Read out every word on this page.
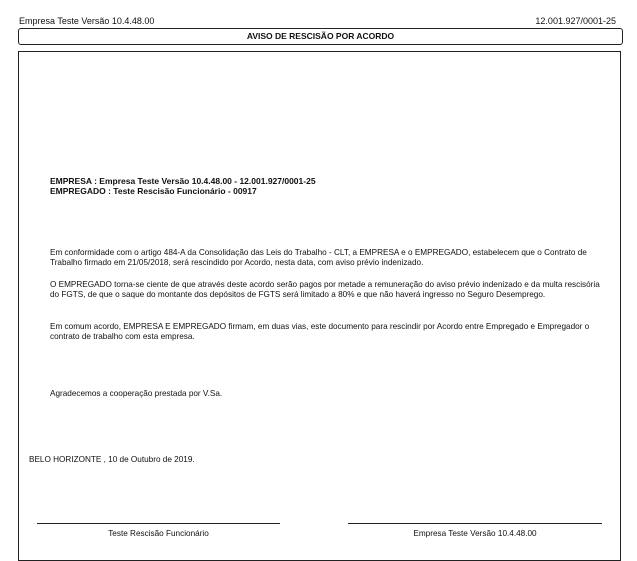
Empresa Teste Versão 10.4.48.00	12.001.927/0001-25
AVISO DE RESCISÃO POR ACORDO
EMPRESA : Empresa Teste Versão 10.4.48.00 - 12.001.927/0001-25
EMPREGADO : Teste Rescisão Funcionário - 00917
Em conformidade com o artigo 484-A da Consolidação das Leis do Trabalho - CLT, a EMPRESA e o EMPREGADO, estabelecem que o Contrato de Trabalho firmado em 21/05/2018, será rescindido por Acordo, nesta data, com aviso prévio indenizado.
O EMPREGADO torna-se ciente de que através deste acordo serão pagos por metade a remuneração do aviso prévio indenizado e da multa rescisória do FGTS, de que o saque do montante dos depósitos de FGTS será limitado a 80% e que não haverá ingresso no Seguro Desemprego.
Em comum acordo, EMPRESA E EMPREGADO firmam, em duas vias, este documento para rescindir por Acordo entre Empregado e Empregador o contrato de trabalho com esta empresa.
Agradecemos a cooperação prestada por V.Sa.
BELO HORIZONTE , 10 de Outubro de 2019.
Teste Rescisão Funcionário	Empresa Teste Versão 10.4.48.00
